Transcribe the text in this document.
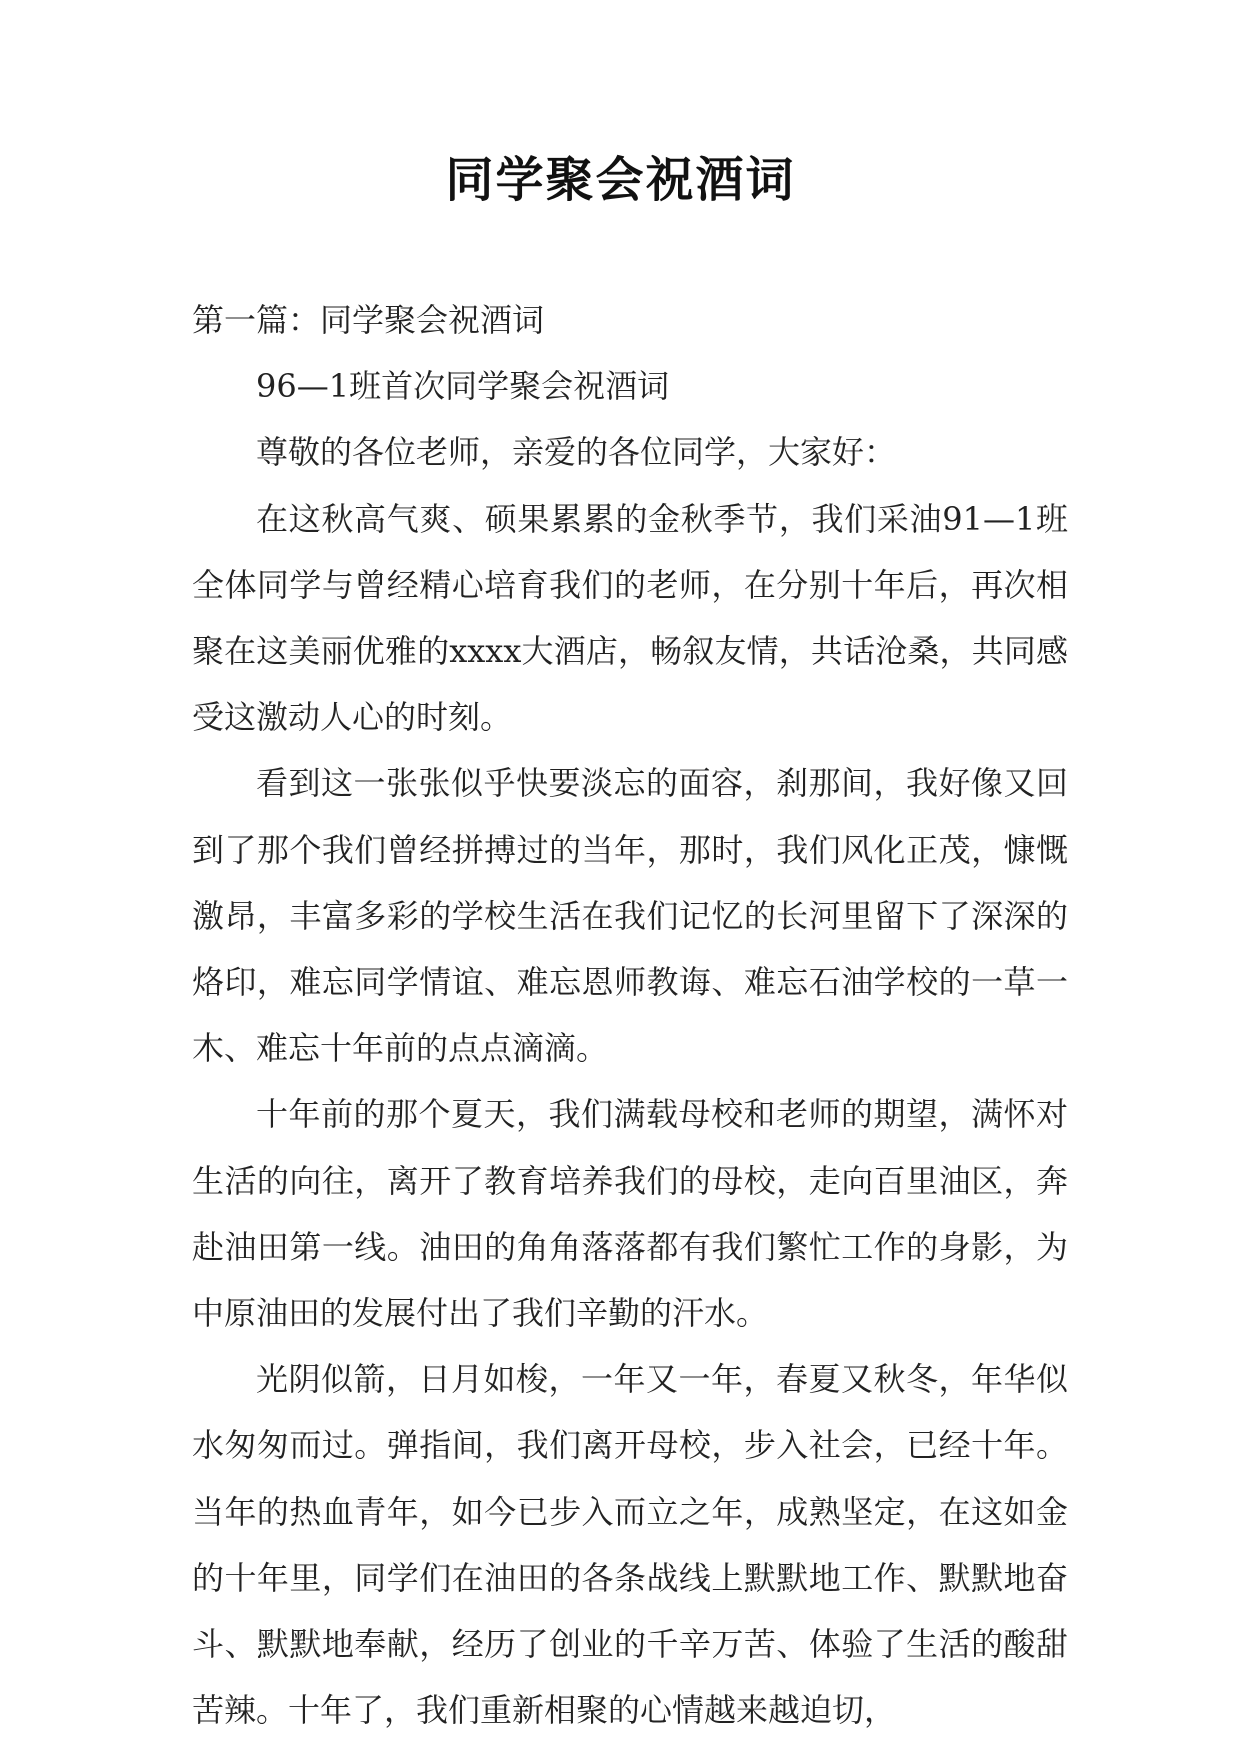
同学聚会祝酒词

第一篇：同学聚会祝酒词

96—1班首次同学聚会祝酒词

尊敬的各位老师，亲爱的各位同学，大家好：

在这秋高气爽、硕果累累的金秋季节，我们采油91—1班全体同学与曾经精心培育我们的老师，在分别十年后，再次相聚在这美丽优雅的xxxx大酒店，畅叙友情，共话沧桑，共同感受这激动人心的时刻。

看到这一张张似乎快要淡忘的面容，刹那间，我好像又回到了那个我们曾经拼搏过的当年，那时，我们风化正茂，慷慨激昂，丰富多彩的学校生活在我们记忆的长河里留下了深深的烙印，难忘同学情谊、难忘恩师教诲、难忘石油学校的一草一木、难忘十年前的点点滴滴。

十年前的那个夏天，我们满载母校和老师的期望，满怀对生活的向往，离开了教育培养我们的母校，走向百里油区，奔赴油田第一线。油田的角角落落都有我们繁忙工作的身影，为中原油田的发展付出了我们辛勤的汗水。

光阴似箭，日月如梭，一年又一年，春夏又秋冬，年华似水匆匆而过。弹指间，我们离开母校，步入社会，已经十年。当年的热血青年，如今已步入而立之年，成熟坚定，在这如金的十年里，同学们在油田的各条战线上默默地工作、默默地奋斗、默默地奉献，经历了创业的千辛万苦、体验了生活的酸甜苦辣。十年了，我们重新相聚的心情越来越迫切，
